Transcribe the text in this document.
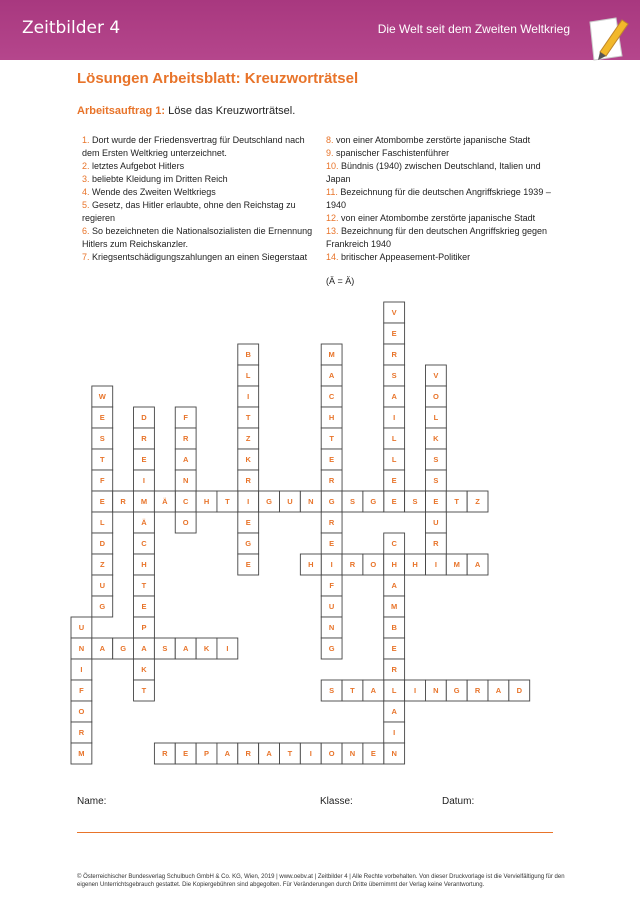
Zeitbilder 4	Die Welt seit dem Zweiten Weltkrieg
Lösungen Arbeitsblatt: Kreuzworträtsel
Arbeitsauftrag 1: Löse das Kreuzworträtsel.
1. Dort wurde der Friedensvertrag für Deutschland nach dem Ersten Weltkrieg unterzeichnet.
2. letztes Aufgebot Hitlers
3. beliebte Kleidung im Dritten Reich
4. Wende des Zweiten Weltkriegs
5. Gesetz, das Hitler erlaubte, ohne den Reichstag zu regieren
6. So bezeichneten die Nationalsozialisten die Ernennung Hitlers zum Reichskanzler.
7. Kriegsentschädigungszahlungen an einen Siegerstaat
8. von einer Atombombe zerstörte japanische Stadt
9. spanischer Faschistenführer
10. Bündnis (1940) zwischen Deutschland, Italien und Japan
11. Bezeichnung für die deutschen Angriffskriege 1939 – 1940
12. von einer Atombombe zerstörte japanische Stadt
13. Bezeichnung für den deutschen Angriffskrieg gegen Frankreich 1940
14. britischer Appeasement-Politiker
(Ä = Ä)
V
E
R
S
A
I
L
L
E
E
B
L
I
T
Z
K
R
I
E
G
E
M
A
C
H
T
E
R
G
R
E
I
F
U
N
G
V
O
L
K
S
S
E
U
R
I
W
E
S
T
F
E
L
D
Z
U
G
D
R
E
I
M
Ä
C
H
T
E
P
A
K
T
F
R
A
N
C
O
R	Ä	H T	G U N	S G	S	T Z
H	R O H H	M A
C
A
M
B
E
R
L
A
I
N
U
N
I
F
O
R
M
A G	S A K I
S T A	I N G R A D
R E P A R A T I O N E
Name:	Klasse:	Datum:
© Österreichischer Bundesverlag Schulbuch GmbH & Co. KG, Wien, 2019 | www.oebv.at | Zeitbilder 4 | Alle Rechte vorbehalten. Von dieser Druckvorlage ist die Vervielfältigung für den eigenen Unterrichtsgebrauch gestattet. Die Kopiergebühren sind abgegolten. Für Veränderungen durch Dritte übernimmt der Verlag keine Verantwortung.
